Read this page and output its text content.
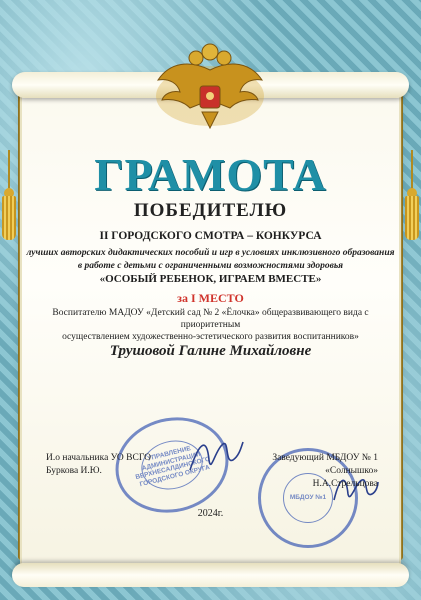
ГРАМОТА
ПОБЕДИТЕЛЮ
II ГОРОДСКОГО СМОТРА – КОНКУРСА
лучших авторских дидактических пособий и игр в условиях инклюзивного образования
в работе с детьми с ограниченными возможностями здоровья
«ОСОБЫЙ РЕБЕНОК, ИГРАЕМ ВМЕСТЕ»
за I МЕСТО
Воспитателю МАДОУ «Детский сад № 2 «Ёлочка» общеразвивающего вида с приоритетным
осуществлением художественно-эстетического развития воспитанников»
Трушовой Галине Михайловне
УПРАВЛЕНИЕ АДМИНИСТРАЦИИ ВЕРХНЕСАЛДИНСКОГО ГОРОДСКОГО ОКРУГА
МБДОУ №1
И.о начальника УО ВСГО
Буркова И.Ю.
Заведующий МБДОУ № 1
«Солнышко»
Н.А.Стрельцова
2024г.
